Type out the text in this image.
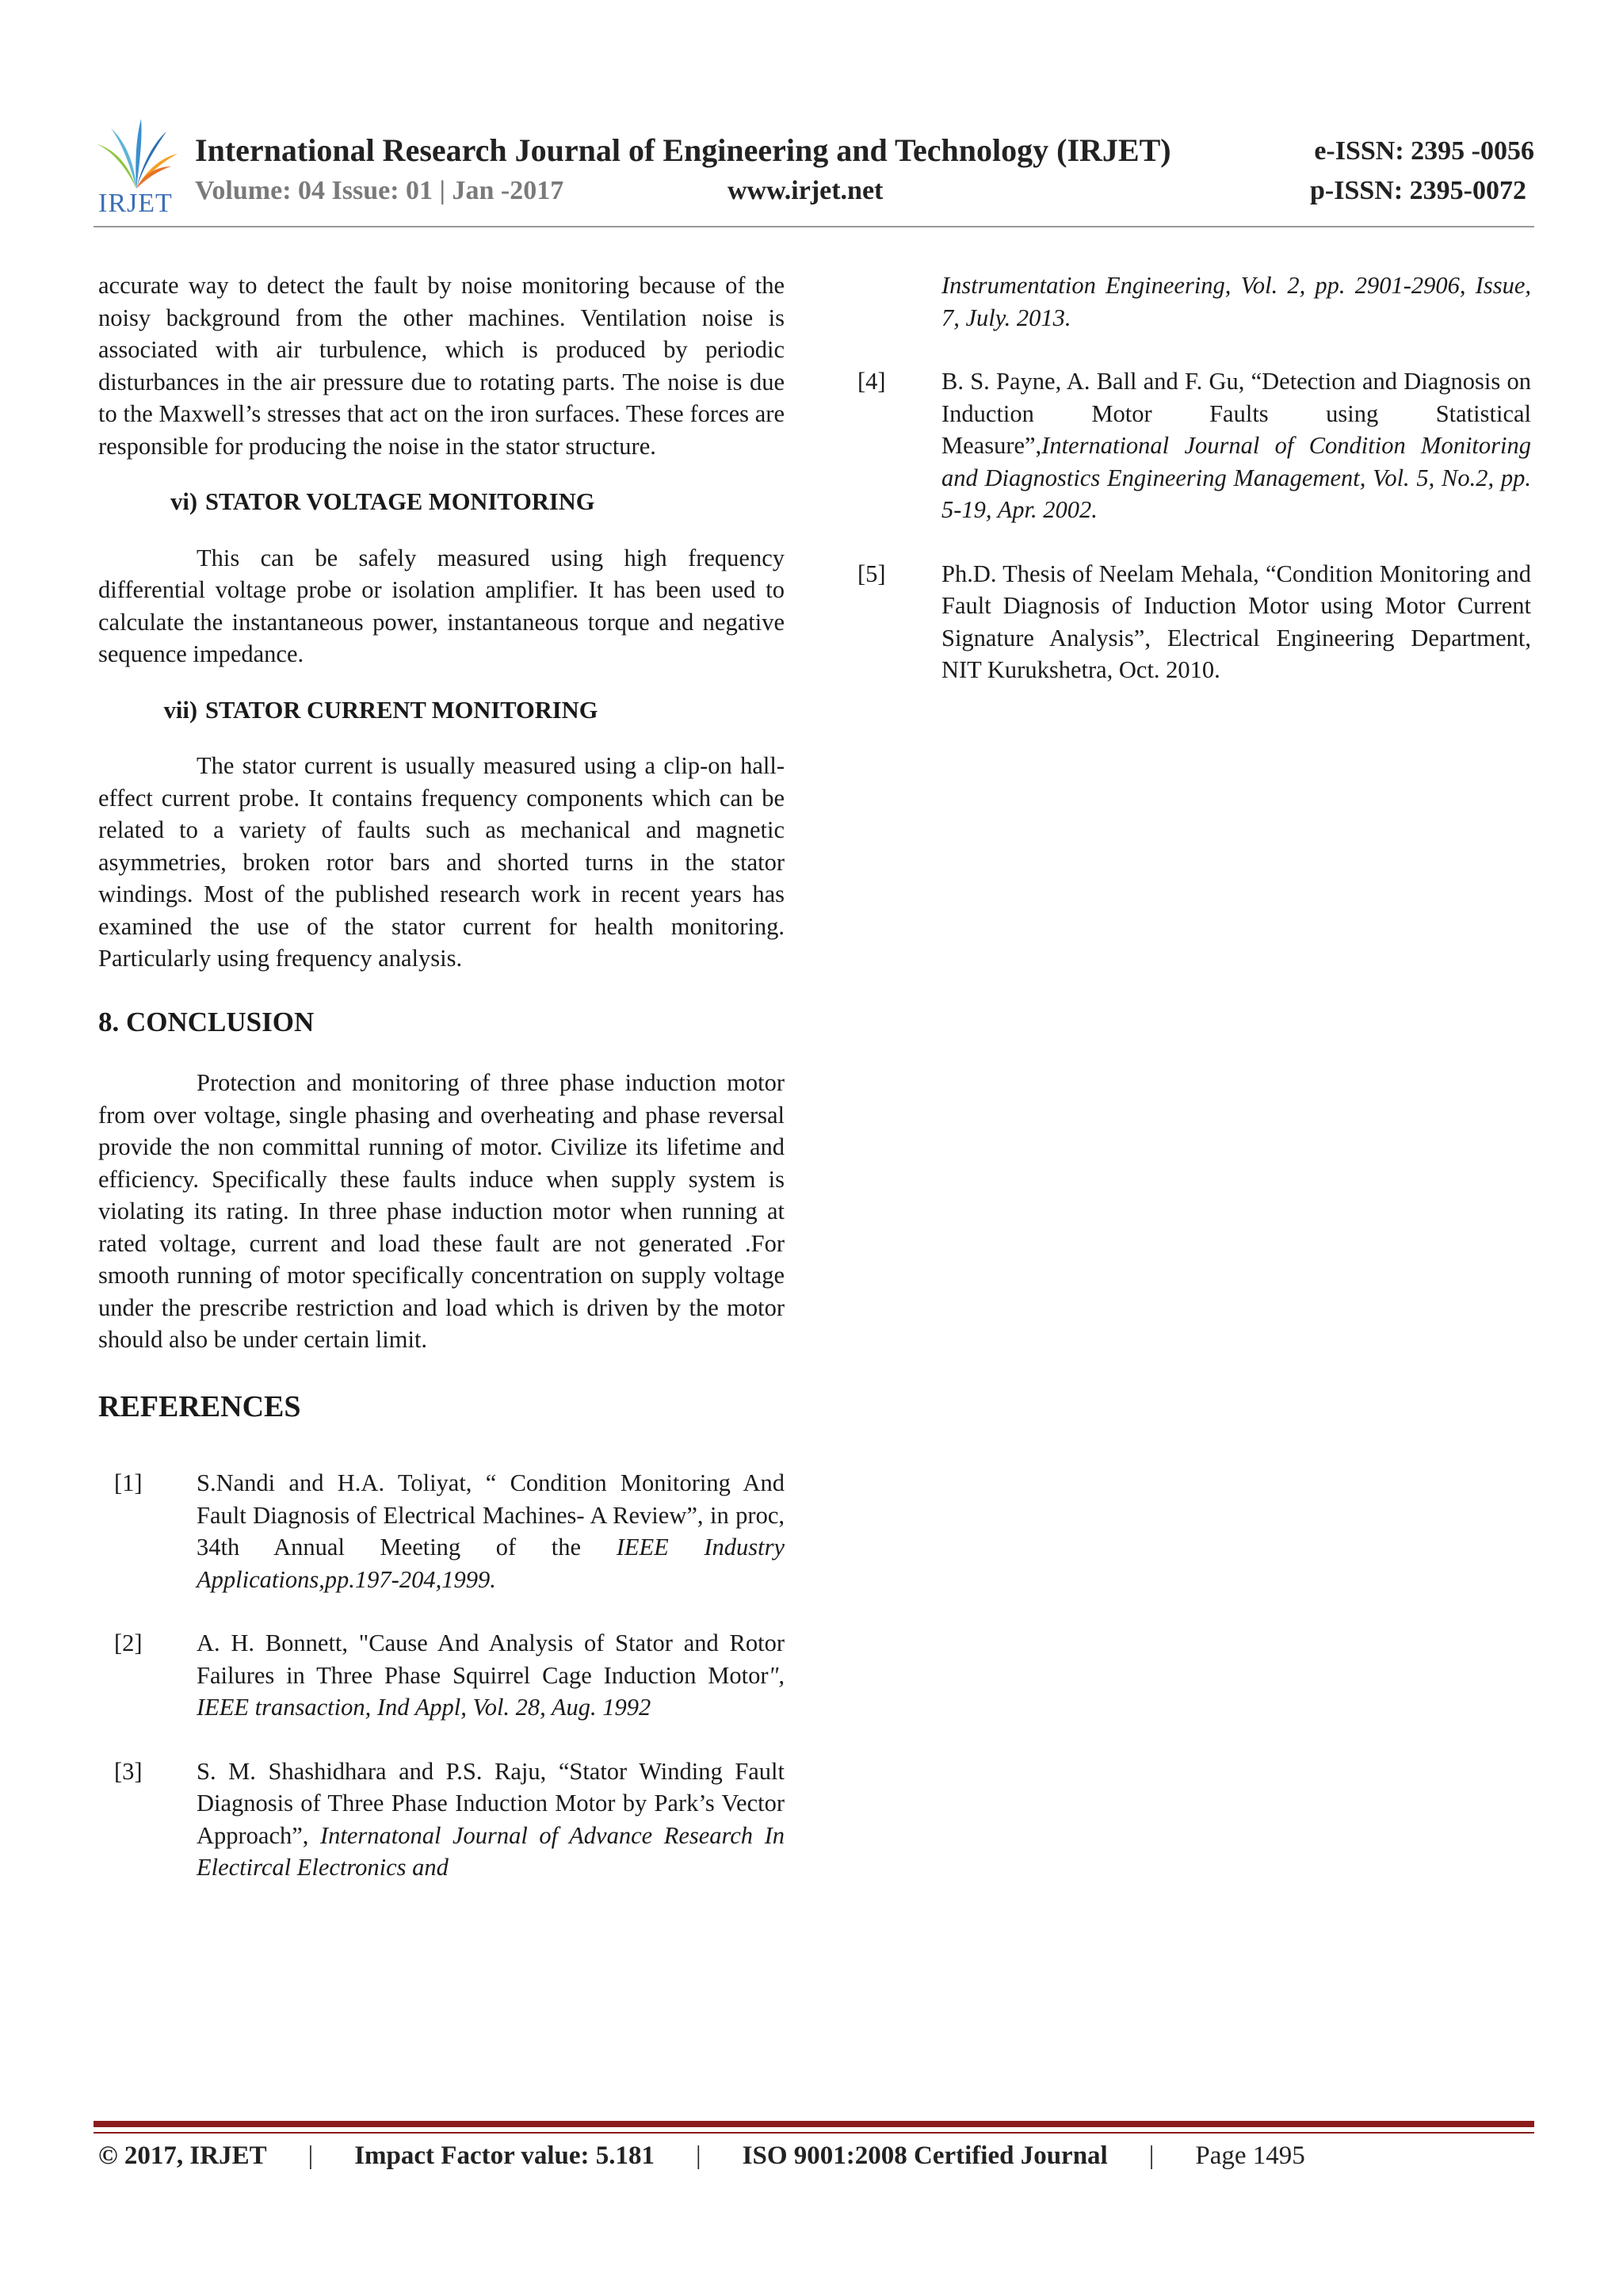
IRJET
International Research Journal of Engineering and Technology (IRJET)	e-ISSN: 2395 -0056
Volume: 04 Issue: 01 | Jan -2017	www.irjet.net	p-ISSN: 2395-0072

accurate way to detect the fault by noise monitoring because of the noisy background from the other machines. Ventilation noise is associated with air turbulence, which is produced by periodic disturbances in the air pressure due to rotating parts. The noise is due to the Maxwell’s stresses that act on the iron surfaces. These forces are responsible for producing the noise in the stator structure.

vi) STATOR VOLTAGE MONITORING

This can be safely measured using high frequency differential voltage probe or isolation amplifier. It has been used to calculate the instantaneous power, instantaneous torque and negative sequence impedance.

vii) STATOR CURRENT MONITORING

The stator current is usually measured using a clip-on hall-effect current probe. It contains frequency components which can be related to a variety of faults such as mechanical and magnetic asymmetries, broken rotor bars and shorted turns in the stator windings. Most of the published research work in recent years has examined the use of the stator current for health monitoring. Particularly using frequency analysis.

8. CONCLUSION

Protection and monitoring of three phase induction motor from over voltage, single phasing and overheating and phase reversal provide the non committal running of motor. Civilize its lifetime and efficiency. Specifically these faults induce when supply system is violating its rating. In three phase induction motor when running at rated voltage, current and load these fault are not generated .For smooth running of motor specifically concentration on supply voltage under the prescribe restriction and load which is driven by the motor should also be under certain limit.

REFERENCES
[1] S.Nandi and H.A. Toliyat, “ Condition Monitoring And Fault Diagnosis of Electrical Machines- A Review”, in proc, 34th Annual Meeting of the IEEE Industry Applications,pp.197-204,1999.
[2] A. H. Bonnett, "Cause And Analysis of Stator and Rotor Failures in Three Phase Squirrel Cage Induction Motor", IEEE transaction, Ind Appl, Vol. 28, Aug. 1992
[3] S. M. Shashidhara and P.S. Raju, “Stator Winding Fault Diagnosis of Three Phase Induction Motor by Park’s Vector Approach”, Internatonal Journal of Advance Research In Electircal Electronics and
Instrumentation Engineering, Vol. 2, pp. 2901-2906, Issue, 7, July. 2013.
[4] B. S. Payne, A. Ball and F. Gu, “Detection and Diagnosis on Induction Motor Faults using Statistical Measure”,International Journal of Condition Monitoring and Diagnostics Engineering Management, Vol. 5, No.2, pp. 5-19, Apr. 2002.
[5] Ph.D. Thesis of Neelam Mehala, “Condition Monitoring and Fault Diagnosis of Induction Motor using Motor Current Signature Analysis”, Electrical Engineering Department, NIT Kurukshetra, Oct. 2010.
© 2017, IRJET | Impact Factor value: 5.181 | ISO 9001:2008 Certified Journal | Page 1495
